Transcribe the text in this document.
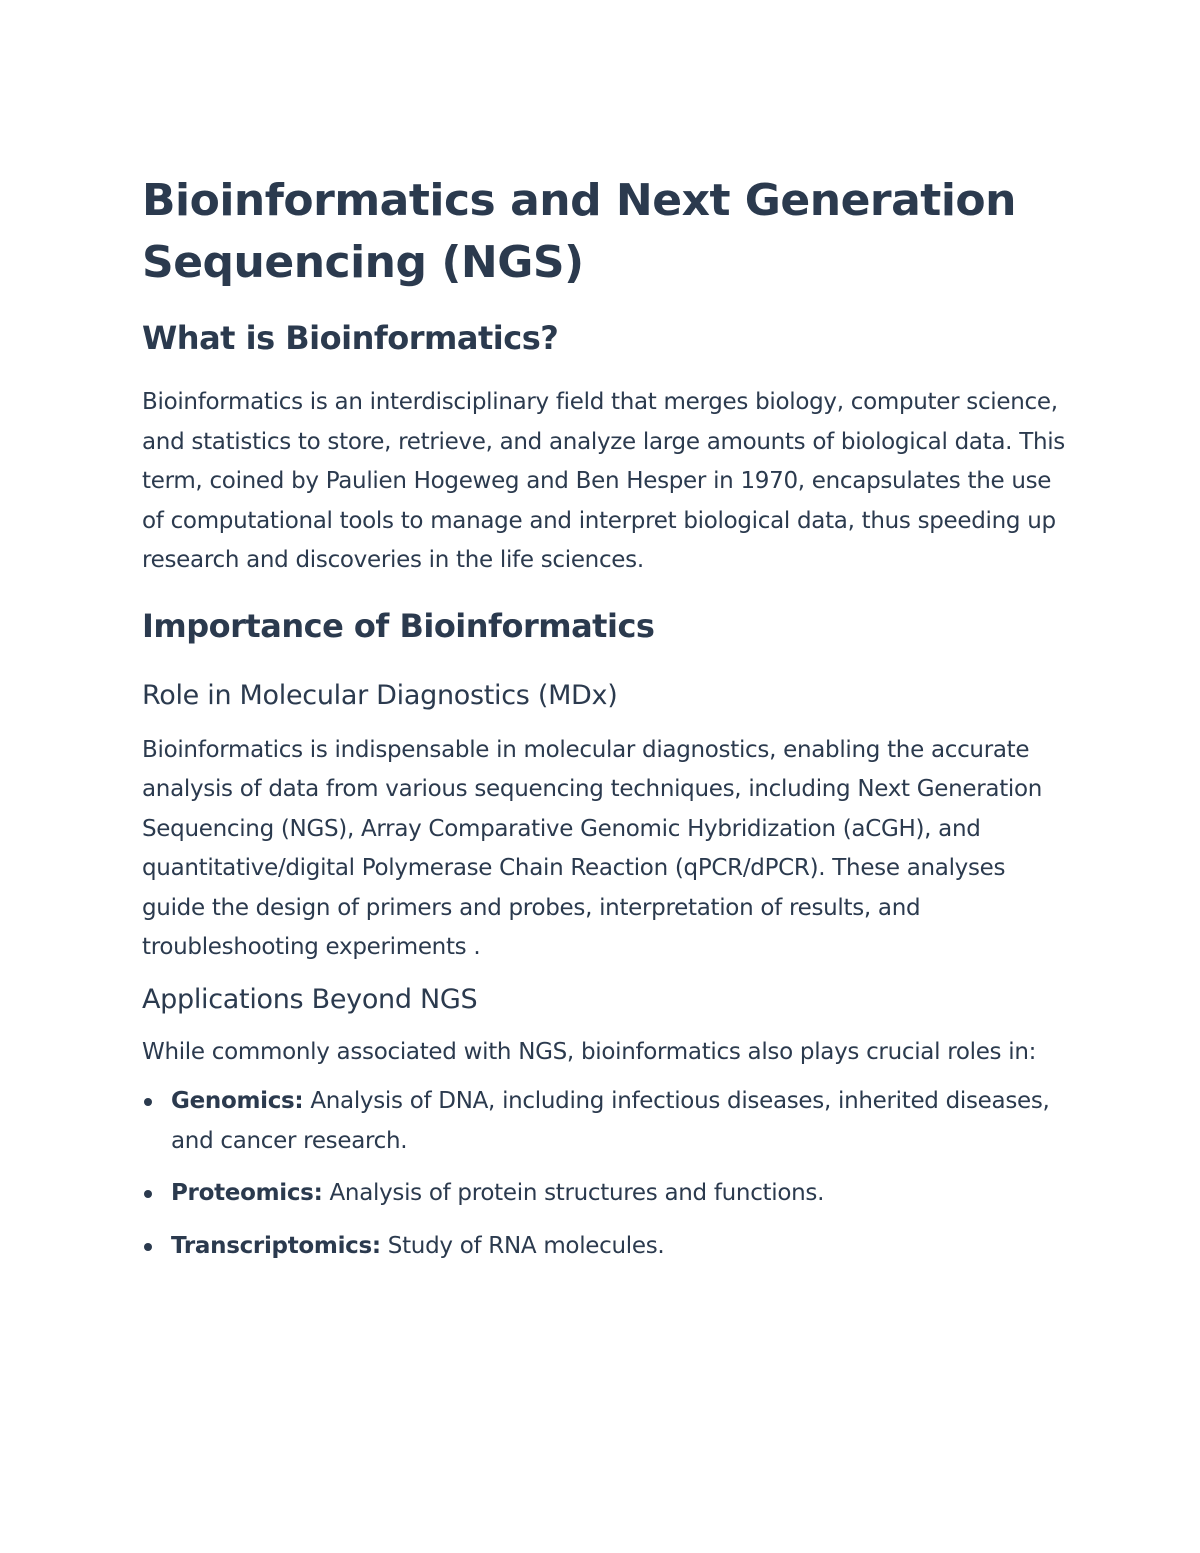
Bioinformatics and Next Generation Sequencing (NGS)
What is Bioinformatics?

Bioinformatics is an interdisciplinary field that merges biology, computer science, and statistics to store, retrieve, and analyze large amounts of biological data. This term, coined by Paulien Hogeweg and Ben Hesper in 1970, encapsulates the use of computational tools to manage and interpret biological data, thus speeding up research and discoveries in the life sciences.

Importance of Bioinformatics
Role in Molecular Diagnostics (MDx)

Bioinformatics is indispensable in molecular diagnostics, enabling the accurate analysis of data from various sequencing techniques, including Next Generation Sequencing (NGS), Array Comparative Genomic Hybridization (aCGH), and quantitative/digital Polymerase Chain Reaction (qPCR/dPCR). These analyses guide the design of primers and probes, interpretation of results, and troubleshooting experiments .

Applications Beyond NGS

While commonly associated with NGS, bioinformatics also plays crucial roles in:

Genomics: Analysis of DNA, including infectious diseases, inherited diseases, and cancer research.
Proteomics: Analysis of protein structures and functions.
Transcriptomics: Study of RNA molecules.
